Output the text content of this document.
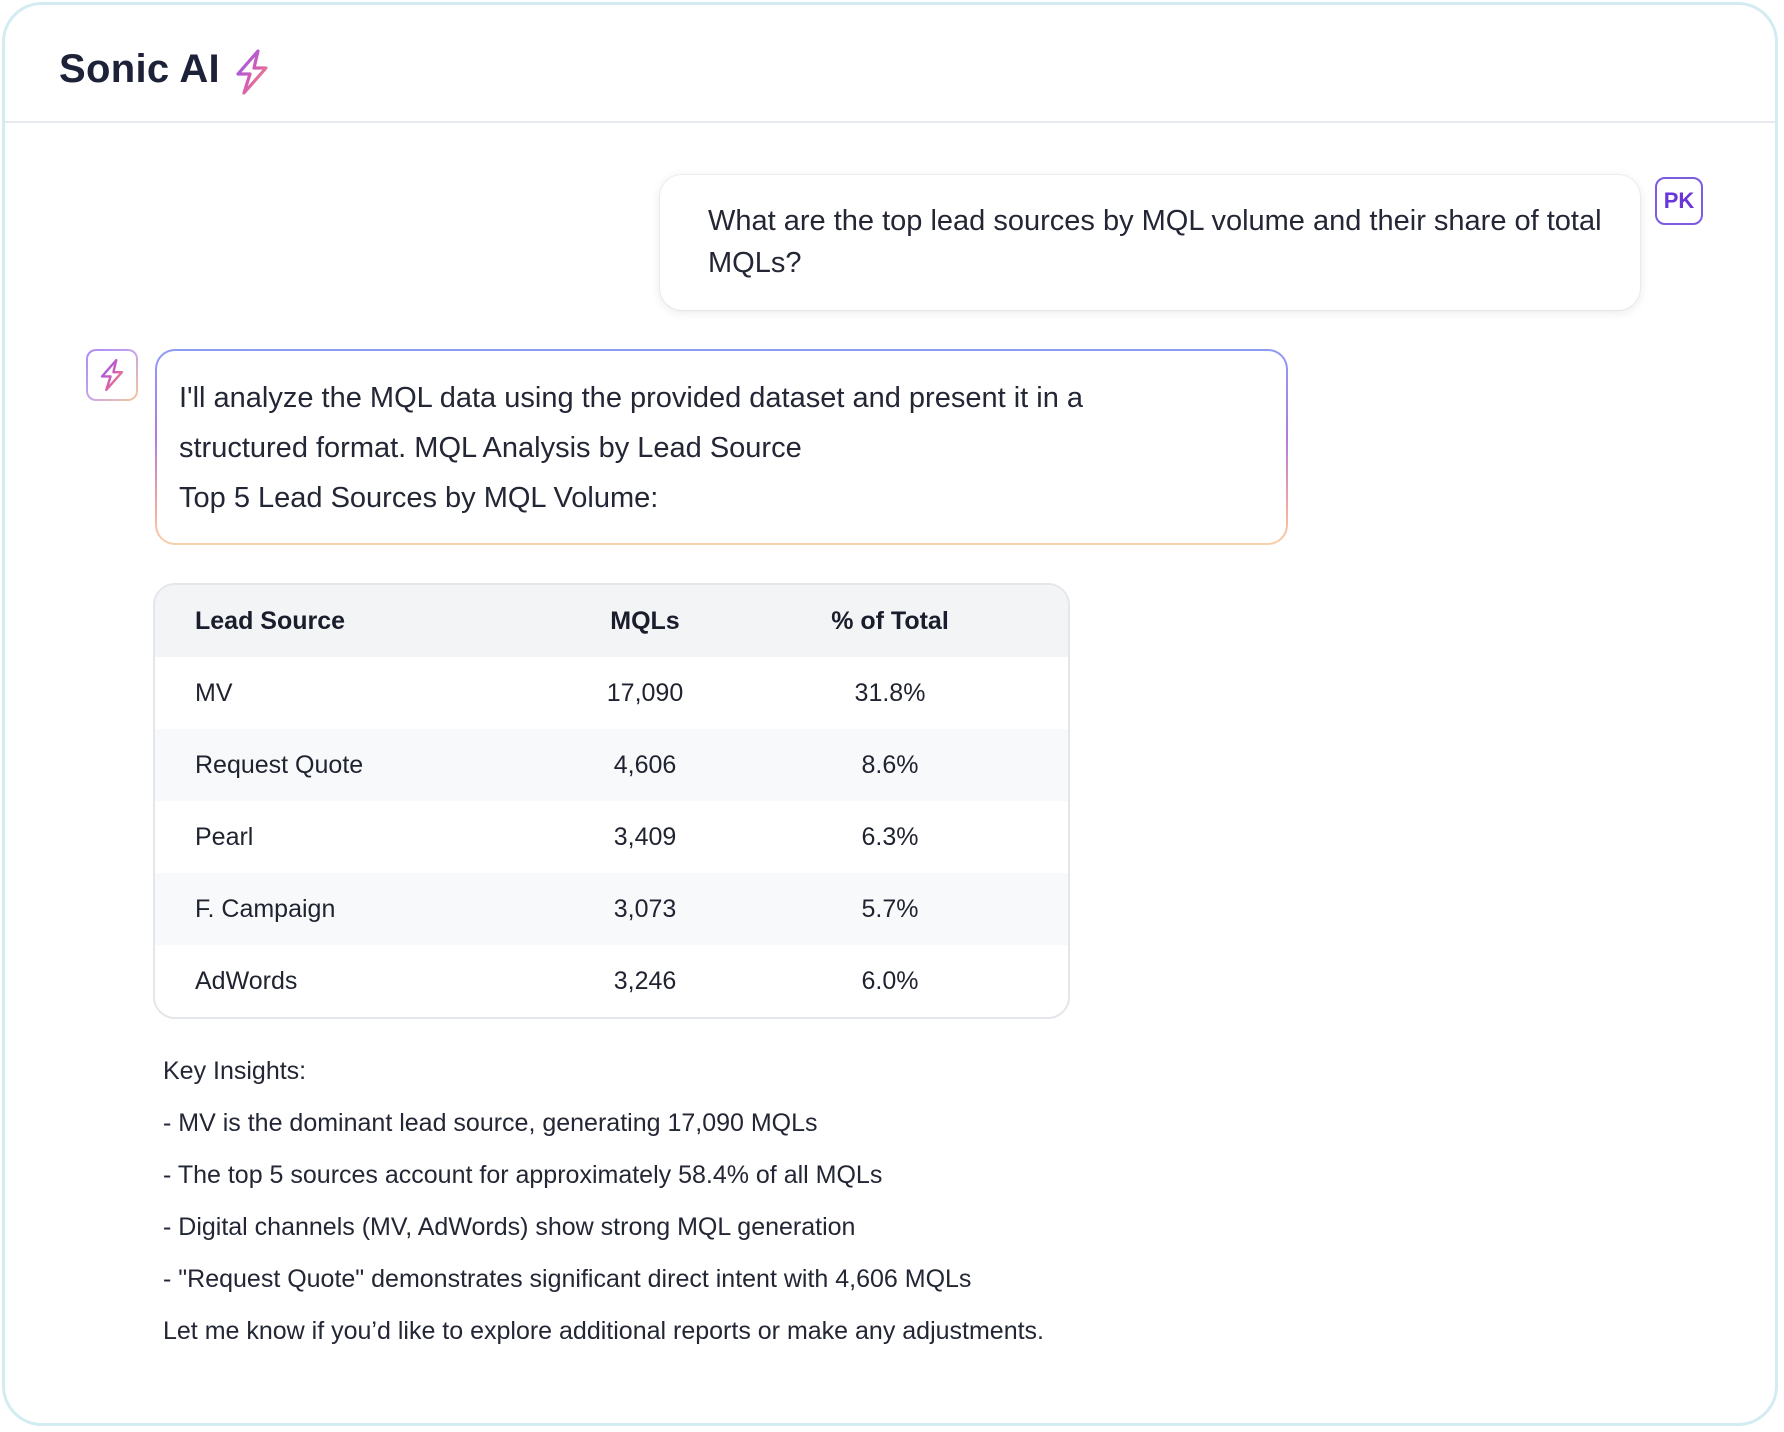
Sonic AI
What are the top lead sources by MQL volume and their share of total MQLs?
PK
I'll analyze the MQL data using the provided dataset and present it in a
structured format. MQL Analysis by Lead Source
Top 5 Lead Sources by MQL Volume:
Lead Source	MQLs	% of Total
MV	17,090	31.8%
Request Quote	4,606	8.6%
Pearl	3,409	6.3%
F. Campaign	3,073	5.7%
AdWords	3,246	6.0%
Key Insights:
- MV is the dominant lead source, generating 17,090 MQLs
- The top 5 sources account for approximately 58.4% of all MQLs
- Digital channels (MV, AdWords) show strong MQL generation
- "Request Quote" demonstrates significant direct intent with 4,606 MQLs
Let me know if you’d like to explore additional reports or make any adjustments.
